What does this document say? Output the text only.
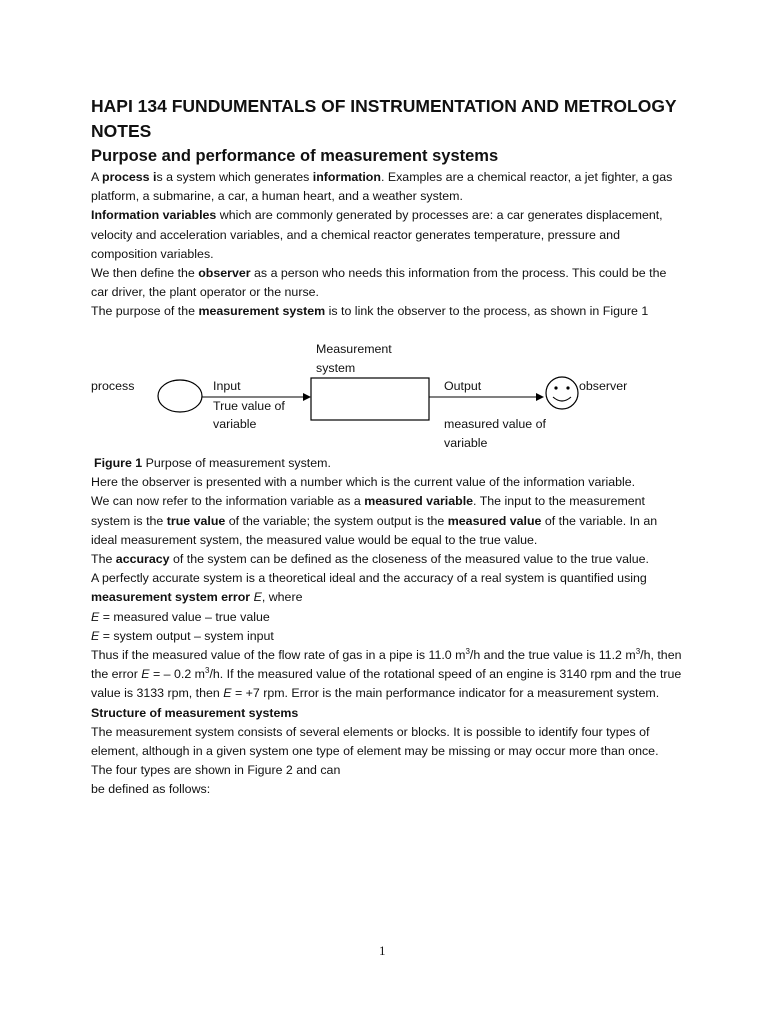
HAPI 134 FUNDUMENTALS OF INSTRUMENTATION AND METROLOGY NOTES
Purpose and performance of measurement systems

A process is a system which generates information. Examples are a chemical reactor, a jet fighter, a gas platform, a submarine, a car, a human heart, and a weather system.

Information variables which are commonly generated by processes are: a car generates displacement, velocity and acceleration variables, and a chemical reactor generates temperature, pressure and composition variables.

We then define the observer as a person who needs this information from the process. This could be the car driver, the plant operator or the nurse.

The purpose of the measurement system is to link the observer to the process, as shown in Figure 1

Measurement
system
process	Input
True value of
variable
Output
measured value of
variable
observer

Figure 1 Purpose of measurement system.

Here the observer is presented with a number which is the current value of the information variable.

We can now refer to the information variable as a measured variable. The input to the measurement system is the true value of the variable; the system output is the measured value of the variable. In an ideal measurement system, the measured value would be equal to the true value.

The accuracy of the system can be defined as the closeness of the measured value to the true value.

A perfectly accurate system is a theoretical ideal and the accuracy of a real system is quantified using measurement system error E, where

E = measured value – true value

E = system output – system input

Thus if the measured value of the flow rate of gas in a pipe is 11.0 $m^3/h$ and the true value is 11.2 $m^3/h$, then the error E = – 0.2 $m^3/h$. If the measured value of the rotational speed of an engine is 3140 rpm and the true value is 3133 rpm, then E = +7 rpm. Error is the main performance indicator for a measurement system.

Structure of measurement systems

The measurement system consists of several elements or blocks. It is possible to identify four types of element, although in a given system one type of element may be missing or may occur more than once. The four types are shown in Figure 2 and can

be defined as follows:

1
